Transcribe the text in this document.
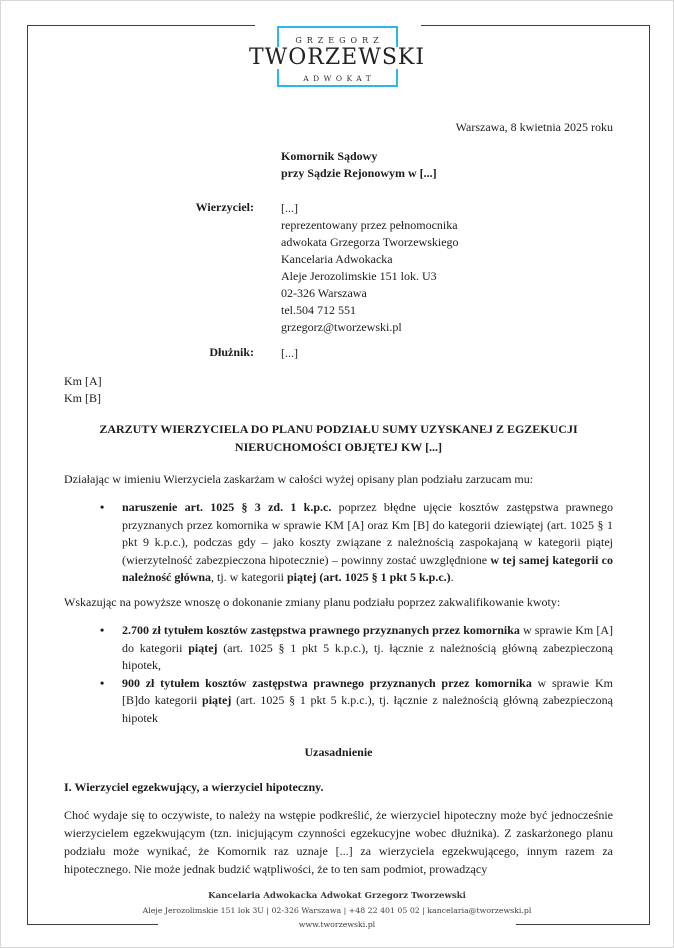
GRZEGORZ
TWORZEWSKI
ADWOKAT
Warszawa, 8 kwietnia 2025 roku
Komornik Sądowy
przy Sądzie Rejonowym w [...]
Wierzyciel: [...]
reprezentowany przez pełnomocnika
adwokata Grzegorza Tworzewskiego
Kancelaria Adwokacka
Aleje Jerozolimskie 151 lok. U3
02-326 Warszawa
tel.504 712 551
grzegorz@tworzewski.pl
Dłużnik: [...]
Km [A]
Km [B]
ZARZUTY WIERZYCIELA DO PLANU PODZIAŁU SUMY UZYSKANEJ Z EGZEKUCJI NIERUCHOMOŚCI OBJĘTEJ KW [...]
Działając w imieniu Wierzyciela zaskarżam w całości wyżej opisany plan podziału zarzucam mu:
• naruszenie art. 1025 § 3 zd. 1 k.p.c. poprzez błędne ujęcie kosztów zastępstwa prawnego przyznanych przez komornika w sprawie KM [A] oraz Km [B] do kategorii dziewiątej (art. 1025 § 1 pkt 9 k.p.c.), podczas gdy – jako koszty związane z należnością zaspokajaną w kategorii piątej (wierzytelność zabezpieczona hipotecznie) – powinny zostać uwzględnione w tej samej kategorii co należność główna, tj. w kategorii piątej (art. 1025 § 1 pkt 5 k.p.c.).
Wskazując na powyższe wnoszę o dokonanie zmiany planu podziału poprzez zakwalifikowanie kwoty:
• 2.700 zł tytułem kosztów zastępstwa prawnego przyznanych przez komornika w sprawie Km [A] do kategorii piątej (art. 1025 § 1 pkt 5 k.p.c.), tj. łącznie z należnością główną zabezpieczoną hipotek,
• 900 zł tytułem kosztów zastępstwa prawnego przyznanych przez komornika w sprawie Km [B]do kategorii piątej (art. 1025 § 1 pkt 5 k.p.c.), tj. łącznie z należnością główną zabezpieczoną hipotek
Uzasadnienie
I. Wierzyciel egzekwujący, a wierzyciel hipoteczny.
Choć wydaje się to oczywiste, to należy na wstępie podkreślić, że wierzyciel hipoteczny może być jednocześnie wierzycielem egzekwującym (tzn. inicjującym czynności egzekucyjne wobec dłużnika). Z zaskarżonego planu podziału może wynikać, że Komornik raz uznaje [...] za wierzyciela egzekwującego, innym razem za hipotecznego. Nie może jednak budzić wątpliwości, że to ten sam podmiot, prowadzący
Kancelaria Adwokacka Adwokat Grzegorz Tworzewski
Aleje Jerozolimskie 151 lok 3U | 02-326 Warszawa | +48 22 401 05 02 | kancelaria@tworzewski.pl
www.tworzewski.pl
